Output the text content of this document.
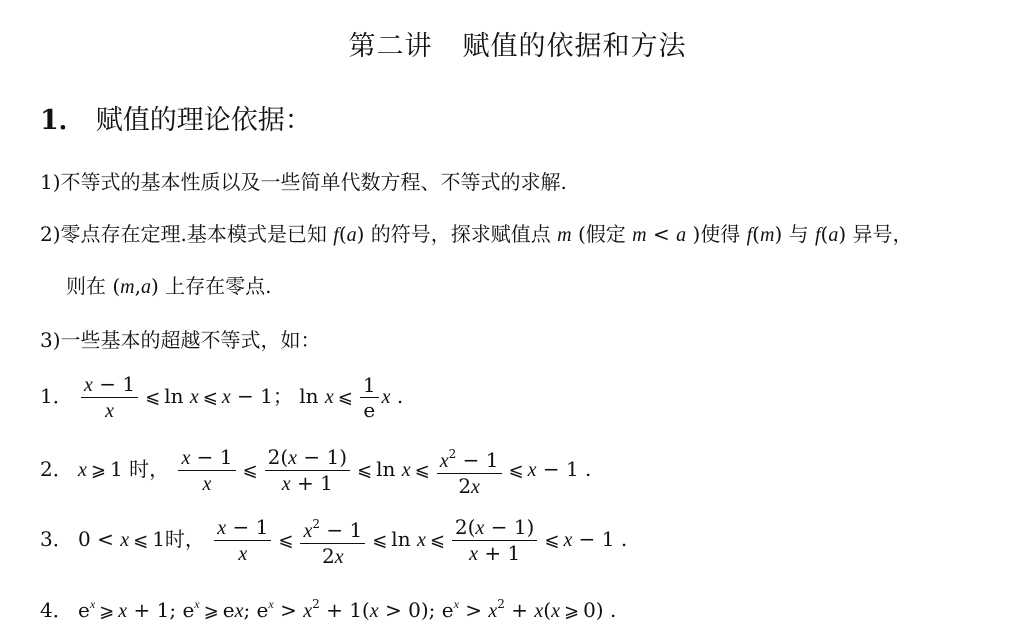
第二讲 赋值的依据和方法
1． 赋值的理论依据：
1)不等式的基本性质以及一些简单代数方程、不等式的求解.
2)零点存在定理.基本模式是已知 f(a) 的符号，探求赋值点 m (假定 m < a )使得 f(m) 与 f(a) 异号，
则在 (m,a) 上存在零点.
3)一些基本的超越不等式，如：
1． $\frac{x - 1}{x}$ ⩽ ln x ⩽ x − 1； ln x ⩽ $\frac{1}{e}$ x .
2． x ⩾ 1 时， $\frac{x - 1}{x}$ ⩽ $\frac{2(x - 1)}{x + 1}$ ⩽ ln x ⩽ $\frac{x^2 - 1}{2x}$ ⩽ x − 1 .
3． 0 < x ⩽ 1时， $\frac{x - 1}{x}$ ⩽ $\frac{x^2 - 1}{2x}$ ⩽ ln x ⩽ $\frac{2(x - 1)}{x + 1}$ ⩽ x − 1 .
4． $e^x$ ⩾ x + 1; $e^x$ ⩾ ex; $e^x > x^2 + 1(x > 0)$; $e^x > x^2 + x(x$ ⩾ 0) .
